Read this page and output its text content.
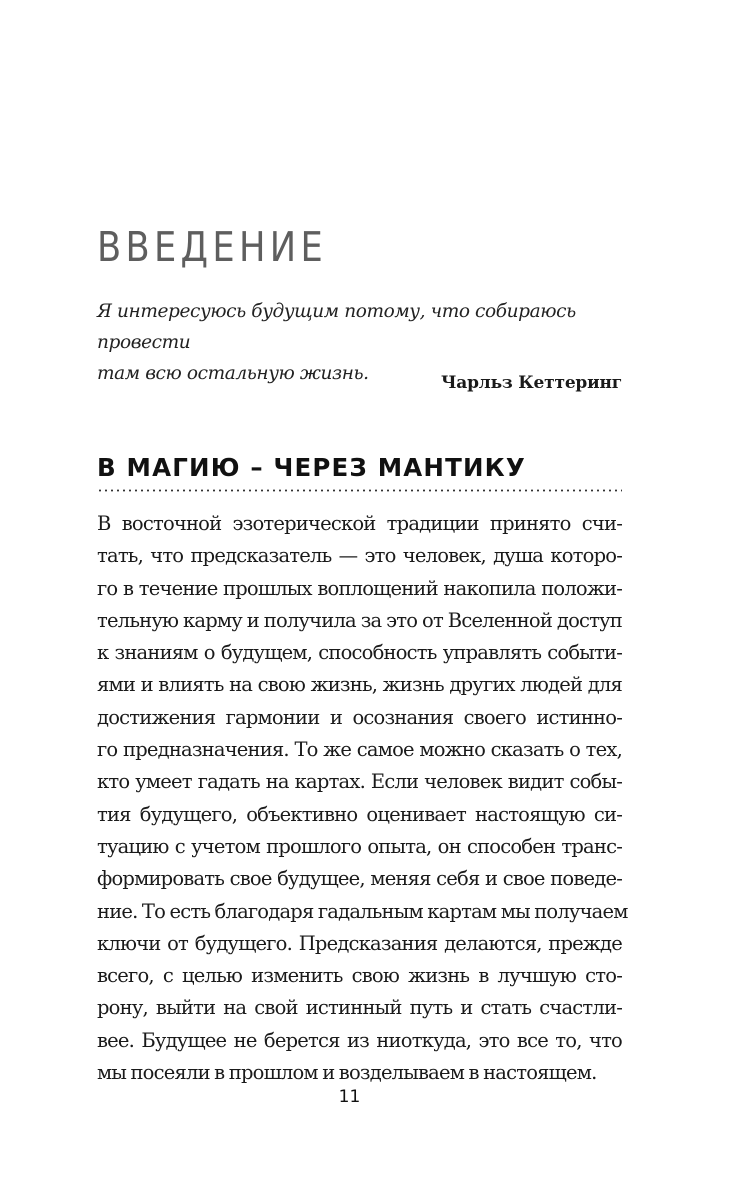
ВВЕДЕНИЕ

Я интересуюсь будущим потому, что собираюсь провести
там всю остальную жизнь.	Чарльз Кеттеринг
В МАГИЮ – ЧЕРЕЗ МАНТИКУ

В восточной эзотерической традиции принято счи-
тать, что предсказатель — это человек, душа которо-
го в течение прошлых воплощений накопила положи-
тельную карму и получила за это от Вселенной доступ
к знаниям о будущем, способность управлять событи-
ями и влиять на свою жизнь, жизнь других людей для
достижения гармонии и осознания своего истинно-
го предназначения. То же самое можно сказать о тех,
кто умеет гадать на картах. Если человек видит собы-
тия будущего, объективно оценивает настоящую си-
туацию с учетом прошлого опыта, он способен транс-
формировать свое будущее, меняя себя и свое поведе-
ние. То есть благодаря гадальным картам мы получаем
ключи от будущего. Предсказания делаются, прежде
всего, с целью изменить свою жизнь в лучшую сто-
рону, выйти на свой истинный путь и стать счастли-
вее. Будущее не берется из ниоткуда, это все то, что
мы посеяли в прошлом и возделываем в настоящем.

11
